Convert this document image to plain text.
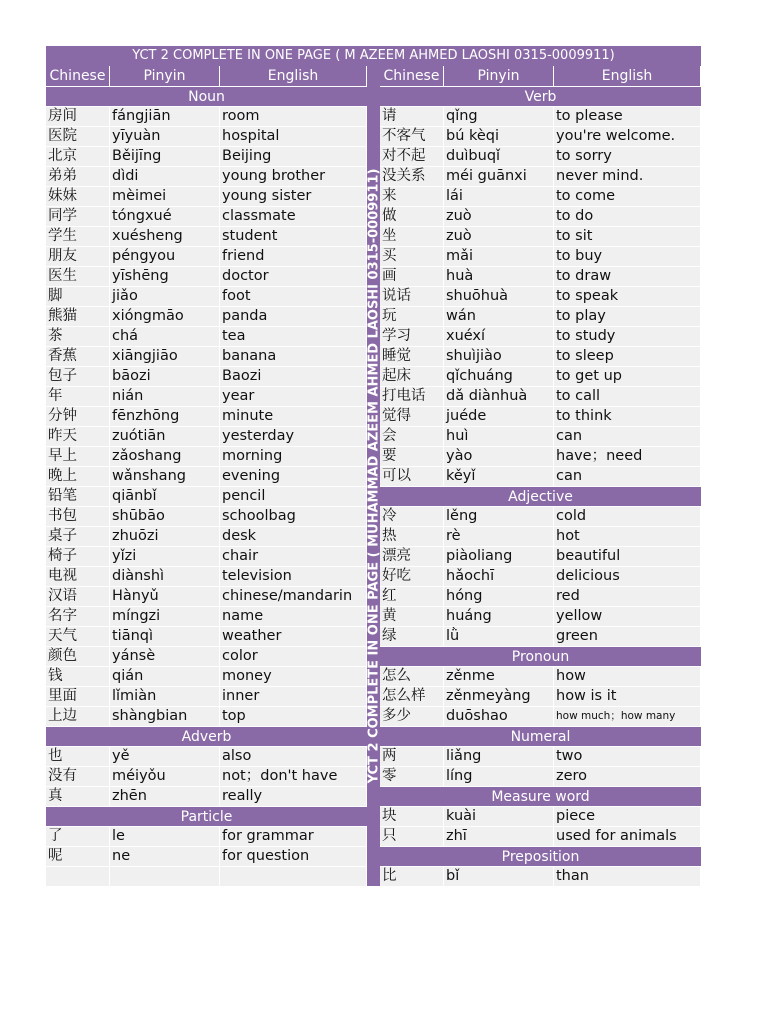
YCT 2 COMPLETE IN ONE PAGE ( M AZEEM AHMED LAOSHI 0315-0009911)
Chinese	Pinyin	English
Noun
房间	fángjiān	room
医院	yīyuàn	hospital
北京	Běijīng	Beijing
弟弟	dìdi	young brother
妹妹	mèimei	young sister
同学	tóngxué	classmate
学生	xuésheng	student
朋友	péngyou	friend
医生	yīshēng	doctor
脚	jiǎo	foot
熊猫	xióngmāo	panda
茶	chá	tea
香蕉	xiāngjiāo	banana
包子	bāozi	Baozi
年	nián	year
分钟	fēnzhōng	minute
昨天	zuótiān	yesterday
早上	zǎoshang	morning
晚上	wǎnshang	evening
铅笔	qiānbǐ	pencil
书包	shūbāo	schoolbag
桌子	zhuōzi	desk
椅子	yǐzi	chair
电视	diànshì	television
汉语	Hànyǔ	chinese/mandarin
名字	míngzi	name
天气	tiānqì	weather
颜色	yánsè	color
钱	qián	money
里面	lǐmiàn	inner
上边	shàngbian	top
Adverb
也	yě	also
没有	méiyǒu	not；don't have
真	zhēn	really
Particle
了	le	for grammar
呢	ne	for question
YCT 2 COMPLETE IN ONE PAGE ( MUHAMMAD AZEEM AHMED LAOSHI 0315-0009911)
Chinese	Pinyin	English
Verb
请	qǐng	to please
不客气	bú kèqi	you're welcome.
对不起	duìbuqǐ	to sorry
没关系	méi guānxi	never mind.
来	lái	to come
做	zuò	to do
坐	zuò	to sit
买	mǎi	to buy
画	huà	to draw
说话	shuōhuà	to speak
玩	wán	to play
学习	xuéxí	to study
睡觉	shuìjiào	to sleep
起床	qǐchuáng	to get up
打电话	dǎ diànhuà	to call
觉得	juéde	to think
会	huì	can
要	yào	have；need
可以	kěyǐ	can
Adjective
冷	lěng	cold
热	rè	hot
漂亮	piàoliang	beautiful
好吃	hǎochī	delicious
红	hóng	red
黄	huáng	yellow
绿	lǜ	green
Pronoun
怎么	zěnme	how
怎么样	zěnmeyàng	how is it
多少	duōshao	how much；how many
Numeral
两	liǎng	two
零	líng	zero
Measure word
块	kuài	piece
只	zhī	used for animals
Preposition
比	bǐ	than
